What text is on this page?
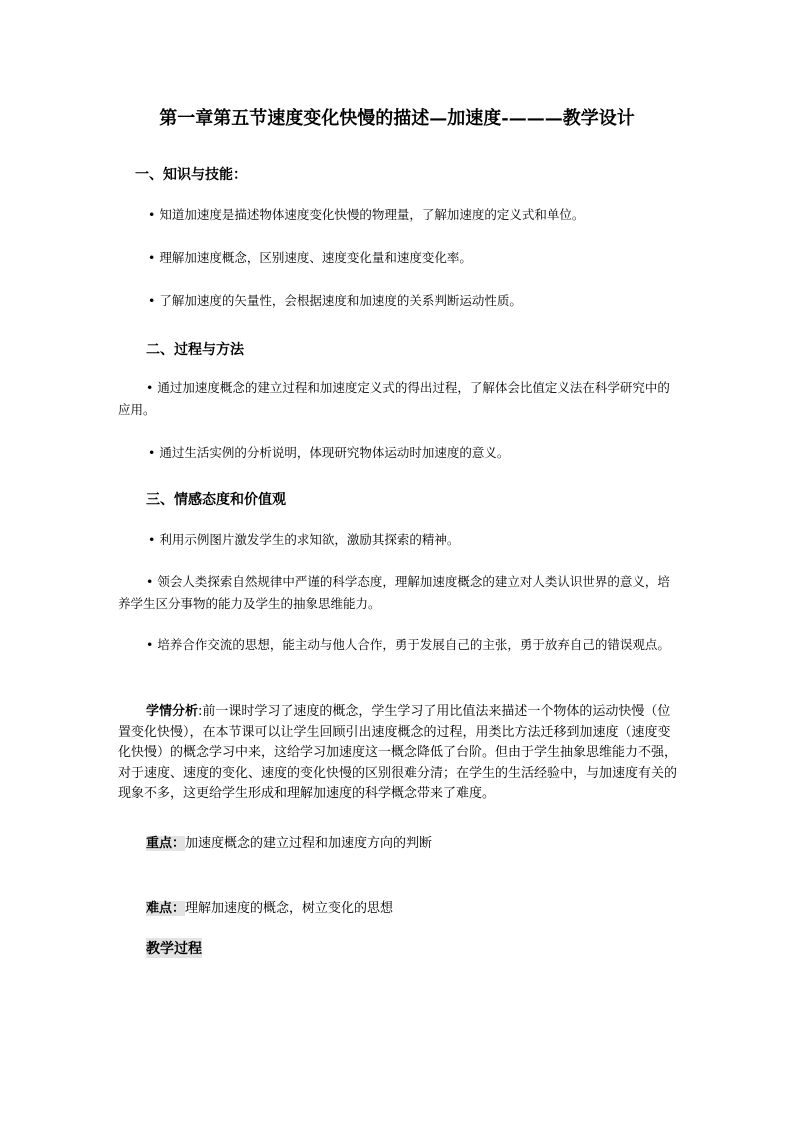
第一章第五节速度变化快慢的描述—加速度-———教学设计
一、知识与技能：
• 知道加速度是描述物体速度变化快慢的物理量，了解加速度的定义式和单位。
• 理解加速度概念，区别速度、速度变化量和速度变化率。
• 了解加速度的矢量性，会根据速度和加速度的关系判断运动性质。
二、过程与方法
• 通过加速度概念的建立过程和加速度定义式的得出过程，了解体会比值定义法在科学研究中的应用。
• 通过生活实例的分析说明，体现研究物体运动时加速度的意义。
三、情感态度和价值观
• 利用示例图片激发学生的求知欲，激励其探索的精神。
• 领会人类探索自然规律中严谨的科学态度，理解加速度概念的建立对人类认识世界的意义，培养学生区分事物的能力及学生的抽象思维能力。
• 培养合作交流的思想，能主动与他人合作，勇于发展自己的主张，勇于放弃自己的错误观点。
学情分析:前一课时学习了速度的概念，学生学习了用比值法来描述一个物体的运动快慢（位置变化快慢），在本节课可以让学生回顾引出速度概念的过程，用类比方法迁移到加速度（速度变化快慢）的概念学习中来，这给学习加速度这一概念降低了台阶。但由于学生抽象思维能力不强，对于速度、速度的变化、速度的变化快慢的区别很难分清；在学生的生活经验中，与加速度有关的现象不多，这更给学生形成和理解加速度的科学概念带来了难度。
重点：加速度概念的建立过程和加速度方向的判断
难点：理解加速度的概念，树立变化的思想
教学过程
